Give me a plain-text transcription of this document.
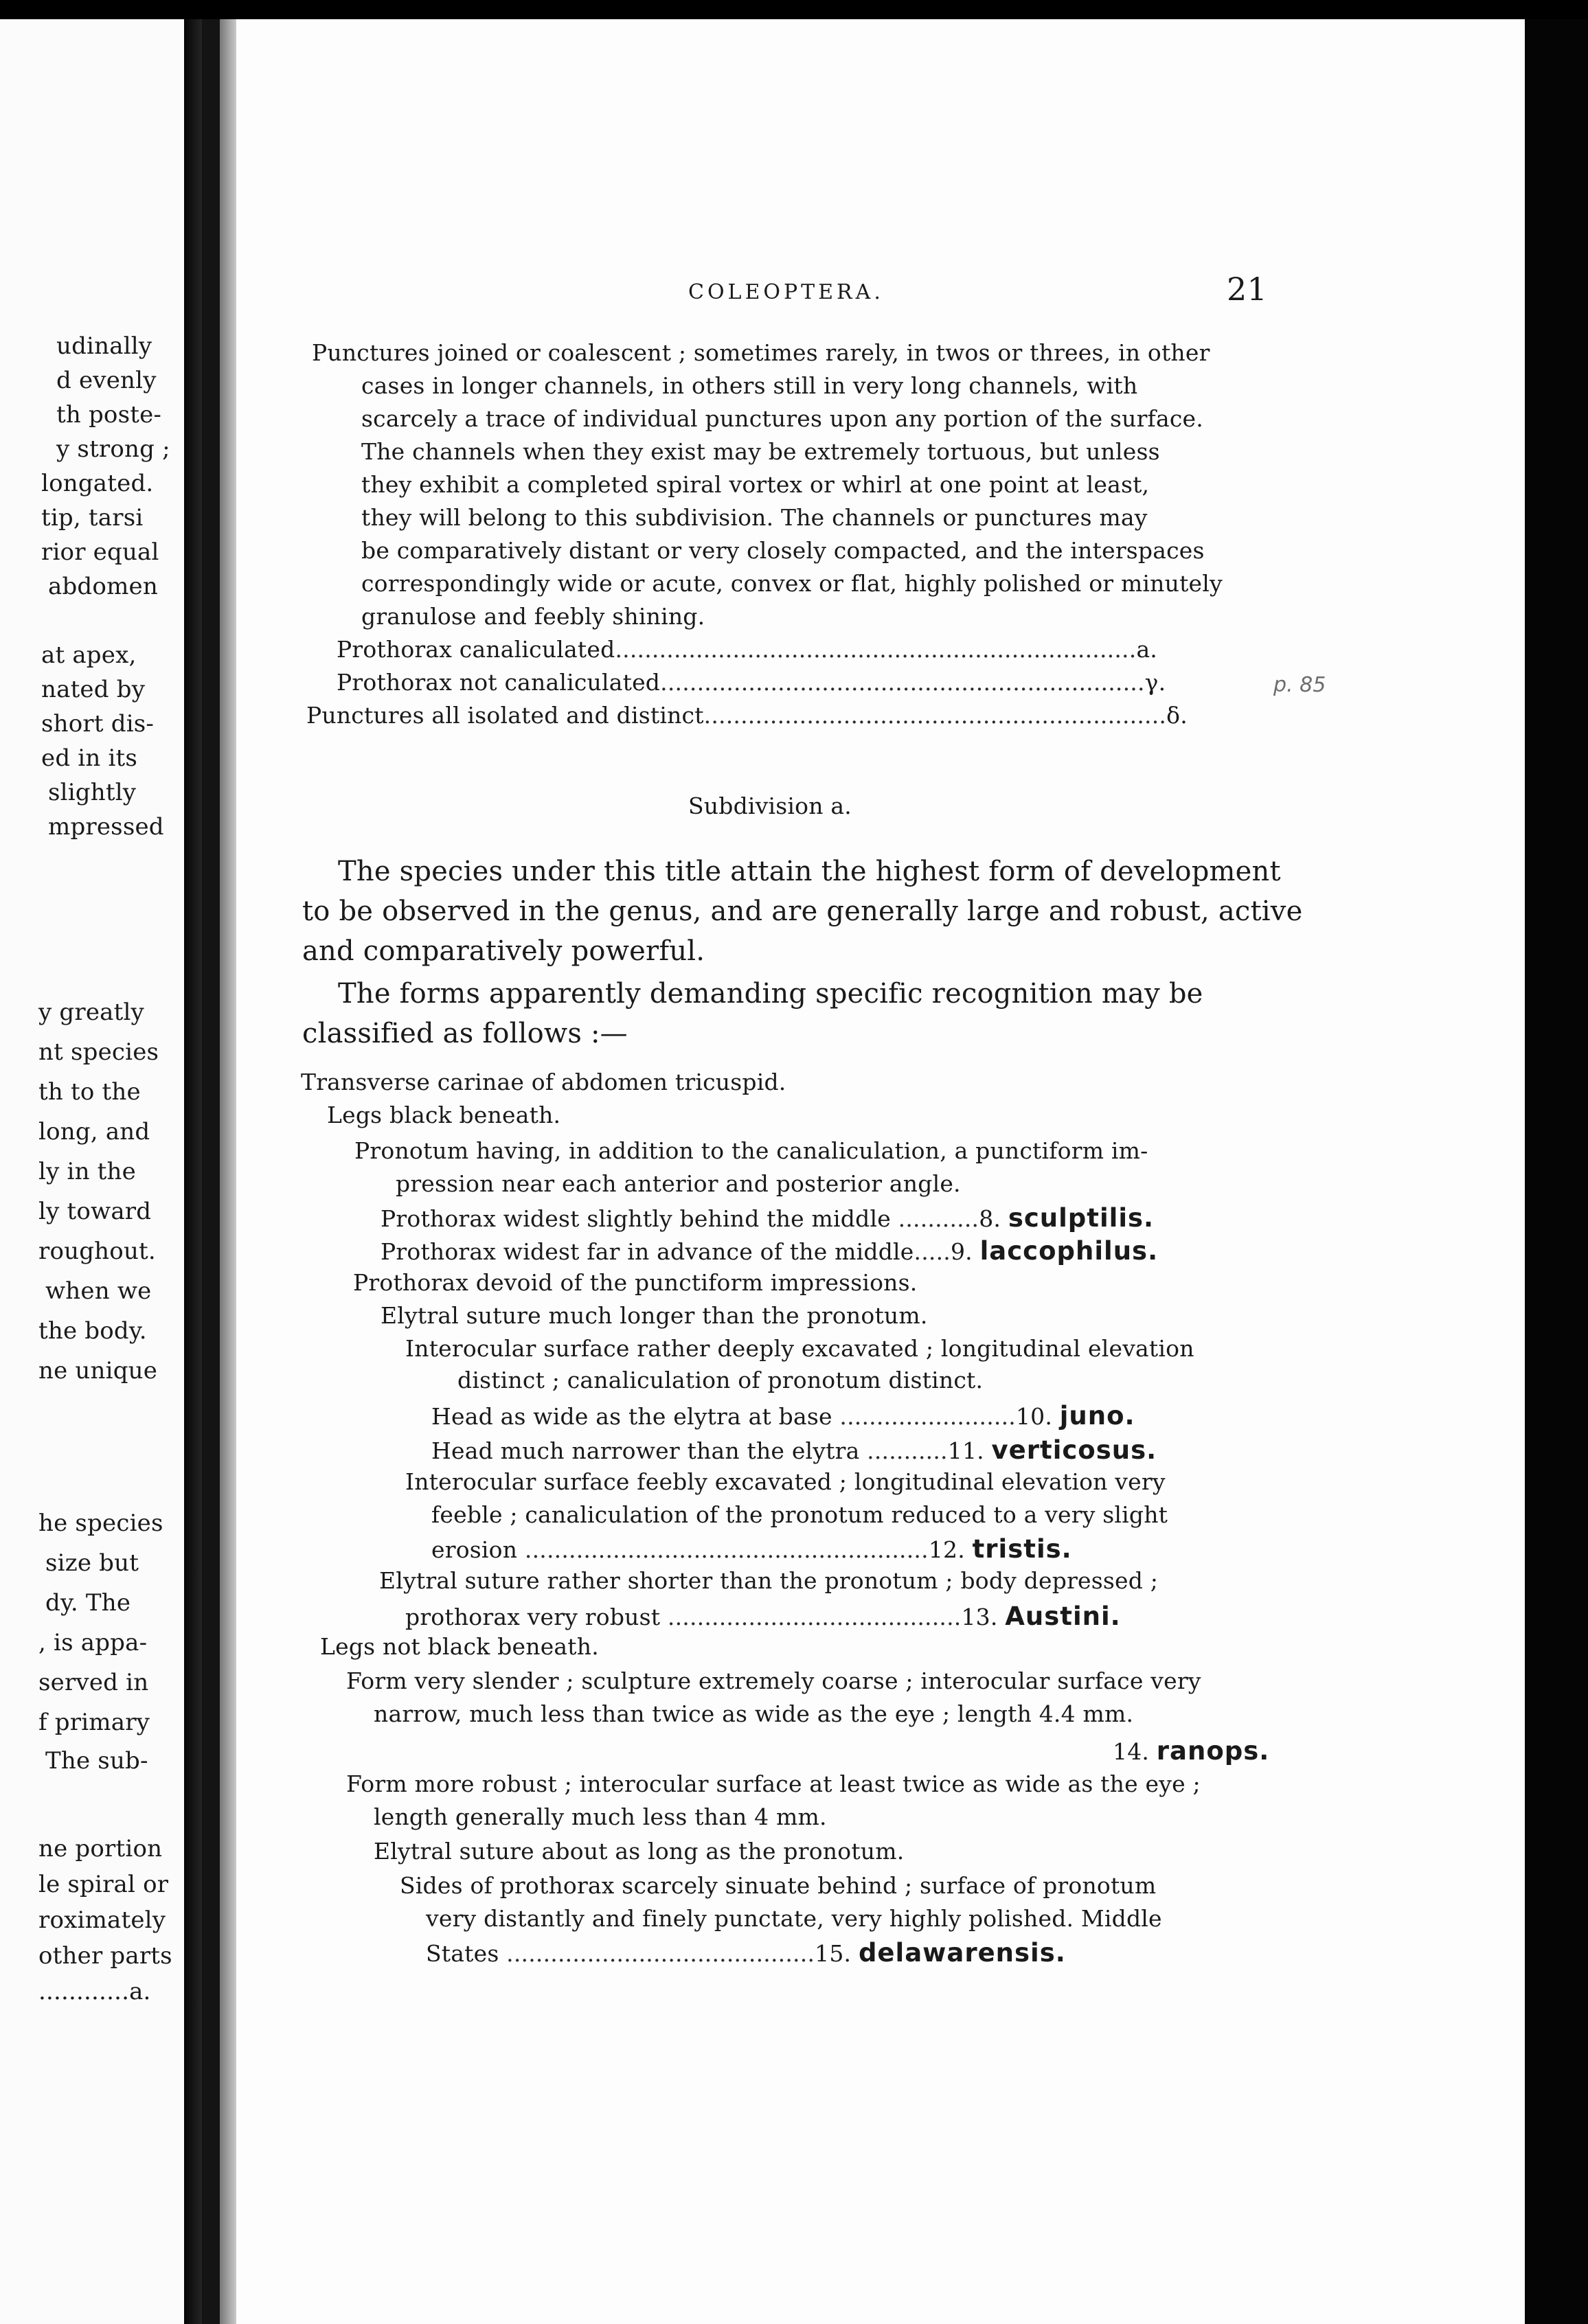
udinally
d evenly
th poste-
y strong ;
longated.
tip, tarsi
rior equal
abdomen
at apex,
nated by
short dis-
ed in its
slightly
mpressed
y greatly
nt species
th to the
long, and
ly in the
ly toward
roughout.
when we
the body.
ne unique
he species
size but
dy. The
, is appa-
served in
f primary
The sub-
ne portion
le spiral or
roximately
other parts
............a.
COLEOPTERA.	21
Punctures joined or coalescent ; sometimes rarely, in twos or threes, in other
cases in longer channels, in others still in very long channels, with
scarcely a trace of individual punctures upon any portion of the surface.
The channels when they exist may be extremely tortuous, but unless
they exhibit a completed spiral vortex or whirl at one point at least,
they will belong to this subdivision. The channels or punctures may
be comparatively distant or very closely compacted, and the interspaces
correspondingly wide or acute, convex or flat, highly polished or minutely
granulose and feebly shining.
Prothorax canaliculated.......................................................................a.
Prothorax not canaliculated..................................................................γ.	p. 85
Punctures all isolated and distinct...............................................................δ.
Subdivision a.
The species under this title attain the highest form of development
to be observed in the genus, and are generally large and robust, active
and comparatively powerful.
The forms apparently demanding specific recognition may be
classified as follows :—
Transverse carinae of abdomen tricuspid.
Legs black beneath.
Pronotum having, in addition to the canaliculation, a punctiform im-
pression near each anterior and posterior angle.
Prothorax widest slightly behind the middle ...........8. sculptilis.
Prothorax widest far in advance of the middle.....9. laccophilus.
Prothorax devoid of the punctiform impressions.
Elytral suture much longer than the pronotum.
Interocular surface rather deeply excavated ; longitudinal elevation
distinct ; canaliculation of pronotum distinct.
Head as wide as the elytra at base ........................10. juno.
Head much narrower than the elytra ...........11. verticosus.
Interocular surface feebly excavated ; longitudinal elevation very
feeble ; canaliculation of the pronotum reduced to a very slight
erosion .......................................................12. tristis.
Elytral suture rather shorter than the pronotum ; body depressed ;
prothorax very robust ........................................13. Austini.
Legs not black beneath.
Form very slender ; sculpture extremely coarse ; interocular surface very
narrow, much less than twice as wide as the eye ; length 4.4 mm.
14. ranops.
Form more robust ; interocular surface at least twice as wide as the eye ;
length generally much less than 4 mm.
Elytral suture about as long as the pronotum.
Sides of prothorax scarcely sinuate behind ; surface of pronotum
very distantly and finely punctate, very highly polished. Middle
States ..........................................15. delawarensis.
